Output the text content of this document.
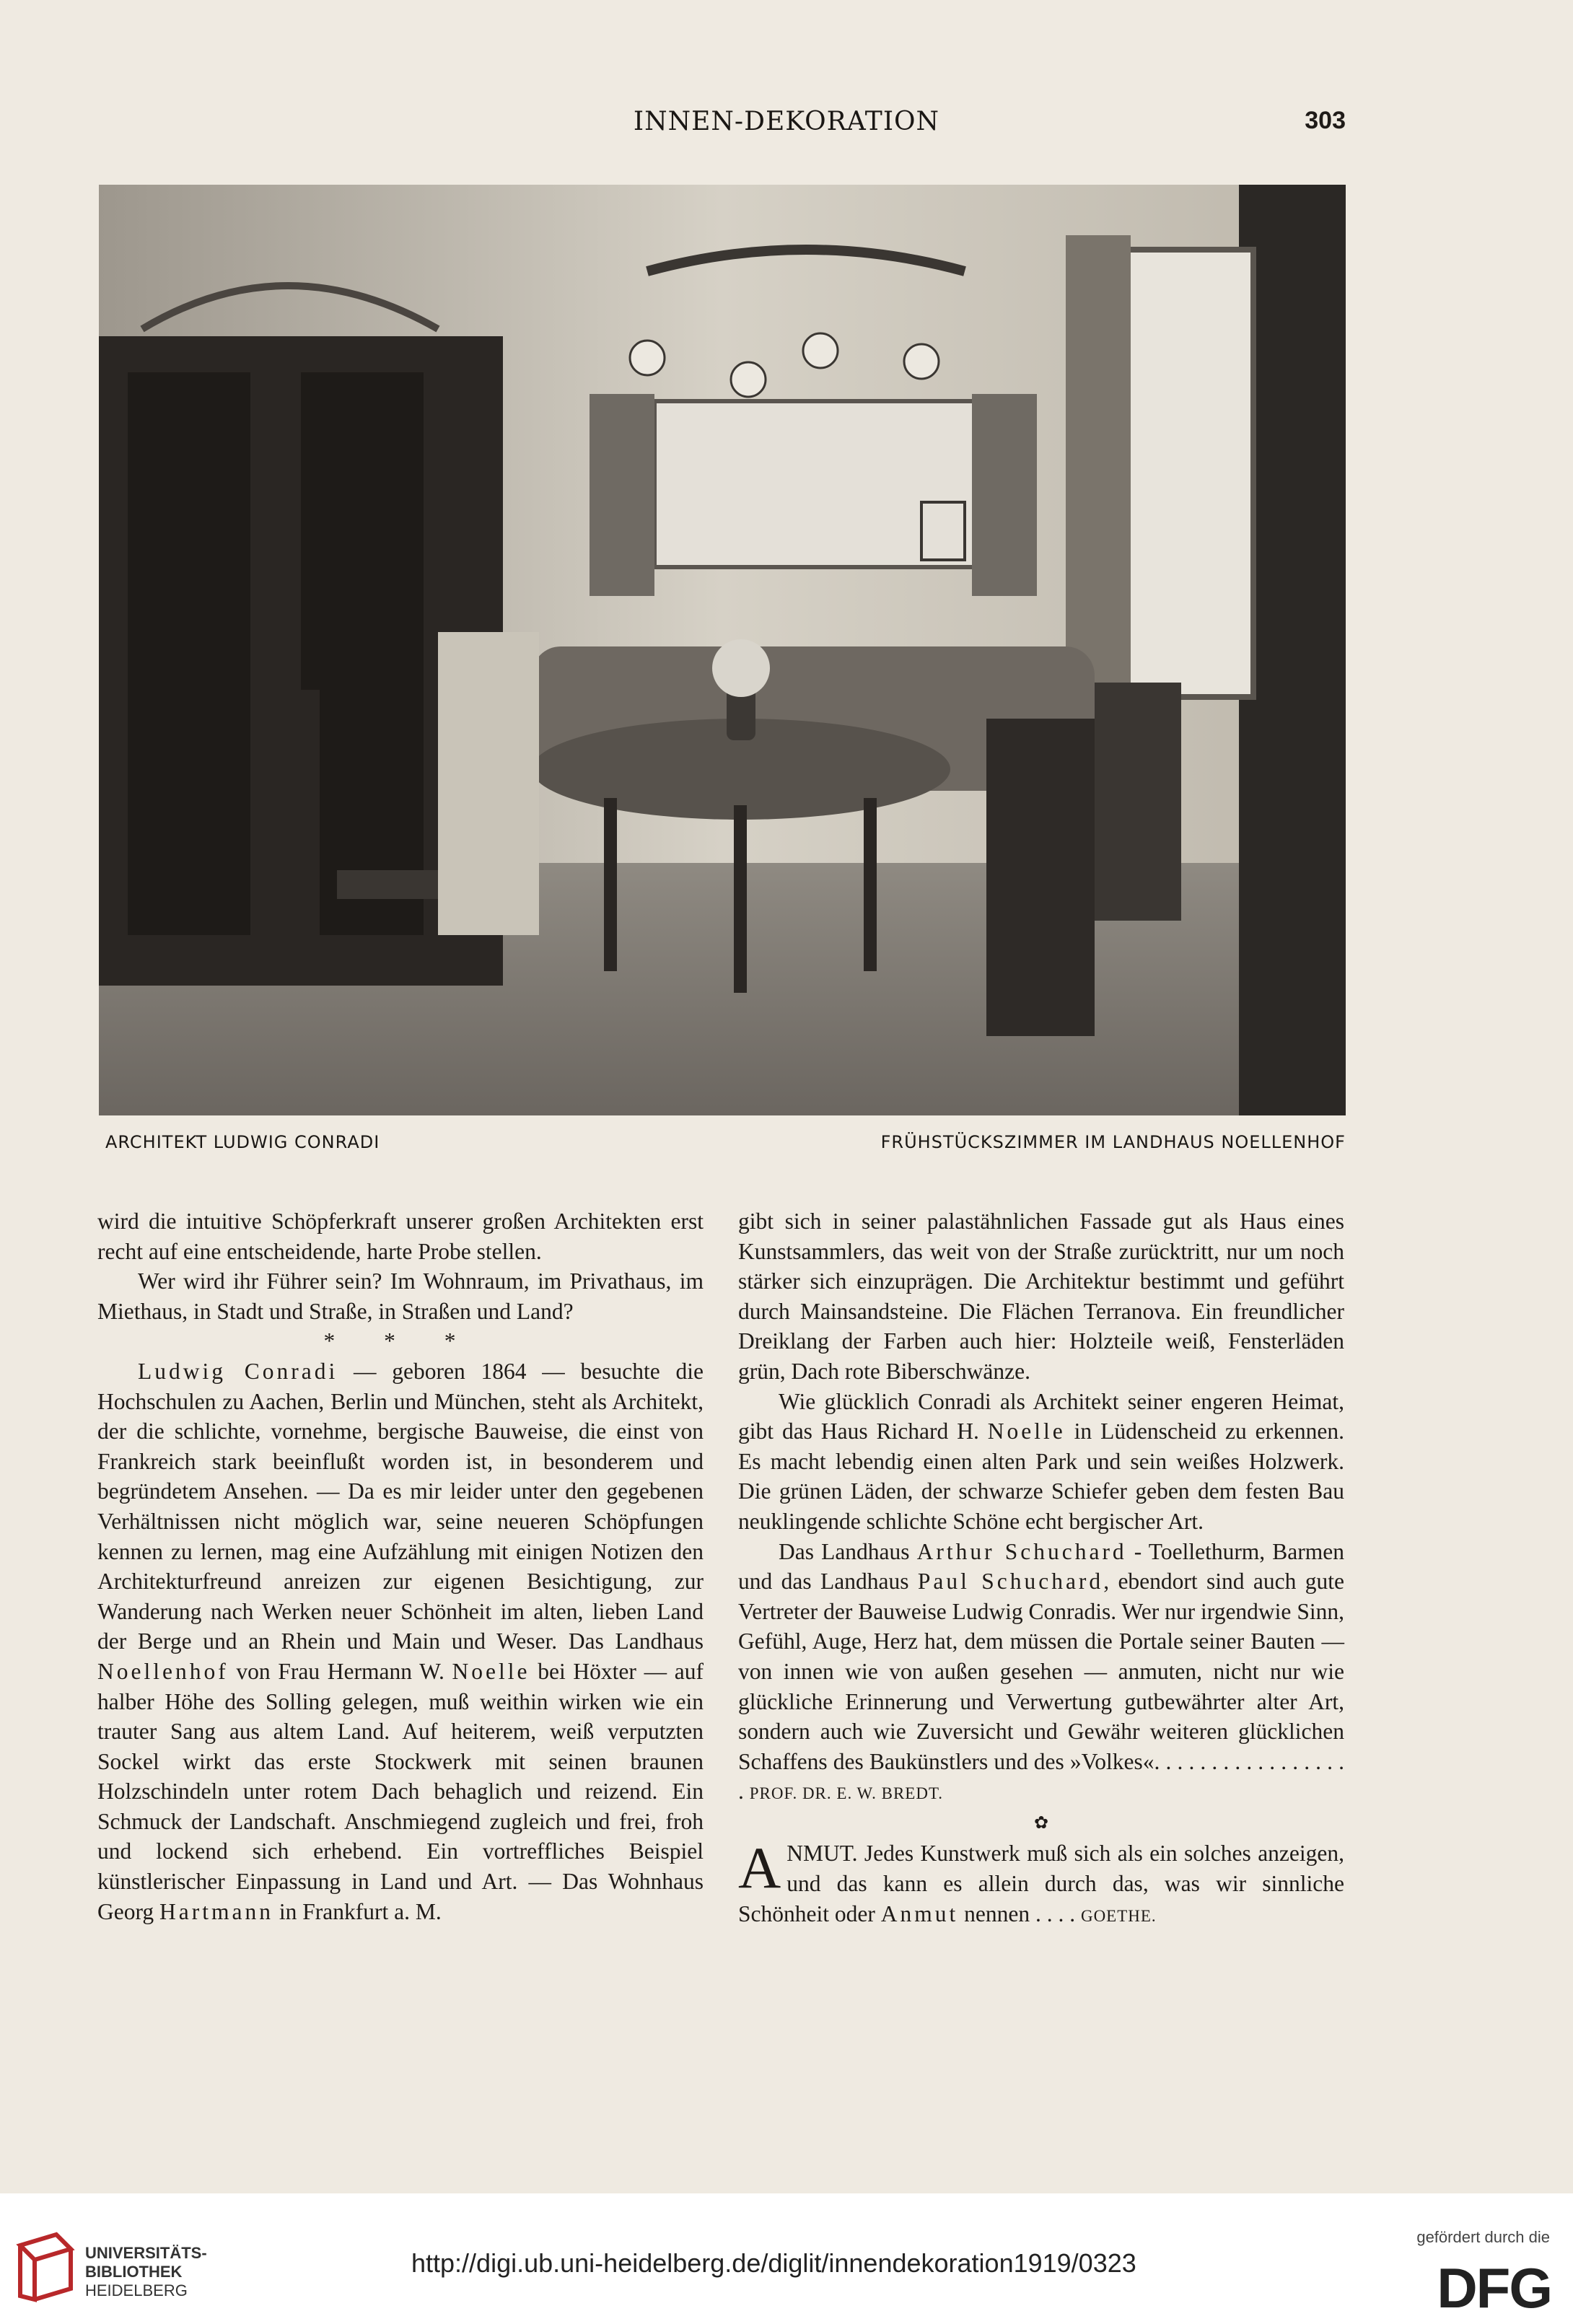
INNEN-DEKORATION	303
ARCHITEKT LUDWIG CONRADI	FRÜHSTÜCKSZIMMER IM LANDHAUS NOELLENHOF

wird die intuitive Schöpferkraft unserer großen Architekten erst recht auf eine entscheidende, harte Probe stellen.

Wer wird ihr Führer sein? Im Wohnraum, im Privathaus, im Miethaus, in Stadt und Straße, in Straßen und Land?

* * *

Ludwig Conradi — geboren 1864 — besuchte die Hochschulen zu Aachen, Berlin und München, steht als Architekt, der die schlichte, vornehme, bergische Bauweise, die einst von Frankreich stark beeinflußt worden ist, in besonderem und begründetem Ansehen. — Da es mir leider unter den gegebenen Verhältnissen nicht möglich war, seine neueren Schöpfungen kennen zu lernen, mag eine Aufzählung mit einigen Notizen den Architekturfreund anreizen zur eigenen Besichtigung, zur Wanderung nach Werken neuer Schönheit im alten, lieben Land der Berge und an Rhein und Main und Weser. Das Landhaus Noellenhof von Frau Hermann W. Noelle bei Höxter — auf halber Höhe des Solling gelegen, muß weithin wirken wie ein trauter Sang aus altem Land. Auf heiterem, weiß verputzten Sockel wirkt das erste Stockwerk mit seinen braunen Holzschindeln unter rotem Dach behaglich und reizend. Ein Schmuck der Landschaft. Anschmiegend zugleich und frei, froh und lockend sich erhebend. Ein vortreffliches Beispiel künstlerischer Einpassung in Land und Art. — Das Wohnhaus Georg Hartmann in Frankfurt a. M.

gibt sich in seiner palastähnlichen Fassade gut als Haus eines Kunstsammlers, das weit von der Straße zurücktritt, nur um noch stärker sich einzuprägen. Die Architektur bestimmt und geführt durch Mainsandsteine. Die Flächen Terranova. Ein freundlicher Dreiklang der Farben auch hier: Holzteile weiß, Fensterläden grün, Dach rote Biberschwänze.

Wie glücklich Conradi als Architekt seiner engeren Heimat, gibt das Haus Richard H. Noelle in Lüdenscheid zu erkennen. Es macht lebendig einen alten Park und sein weißes Holzwerk. Die grünen Läden, der schwarze Schiefer geben dem festen Bau neuklingende schlichte Schöne echt bergischer Art.

Das Landhaus Arthur Schuchard - Toellethurm, Barmen und das Landhaus Paul Schuchard, ebendort sind auch gute Vertreter der Bauweise Ludwig Conradis. Wer nur irgendwie Sinn, Gefühl, Auge, Herz hat, dem müssen die Portale seiner Bauten — von innen wie von außen gesehen — anmuten, nicht nur wie glückliche Erinnerung und Verwertung gutbewährter alter Art, sondern auch wie Zuversicht und Gewähr weiteren glücklichen Schaffens des Baukünstlers und des »Volkes«. . . . . . . . . . . . . . . . . . PROF. DR. E. W. BREDT.

✿

ANMUT. Jedes Kunstwerk muß sich als ein solches anzeigen, und das kann es allein durch das, was wir sinnliche Schönheit oder Anmut nennen . . . . GOETHE.

UNIVERSITÄTS-
BIBLIOTHEK
HEIDELBERG
http://digi.ub.uni-heidelberg.de/diglit/innendekoration1919/0323
gefördert durch die
DFG
